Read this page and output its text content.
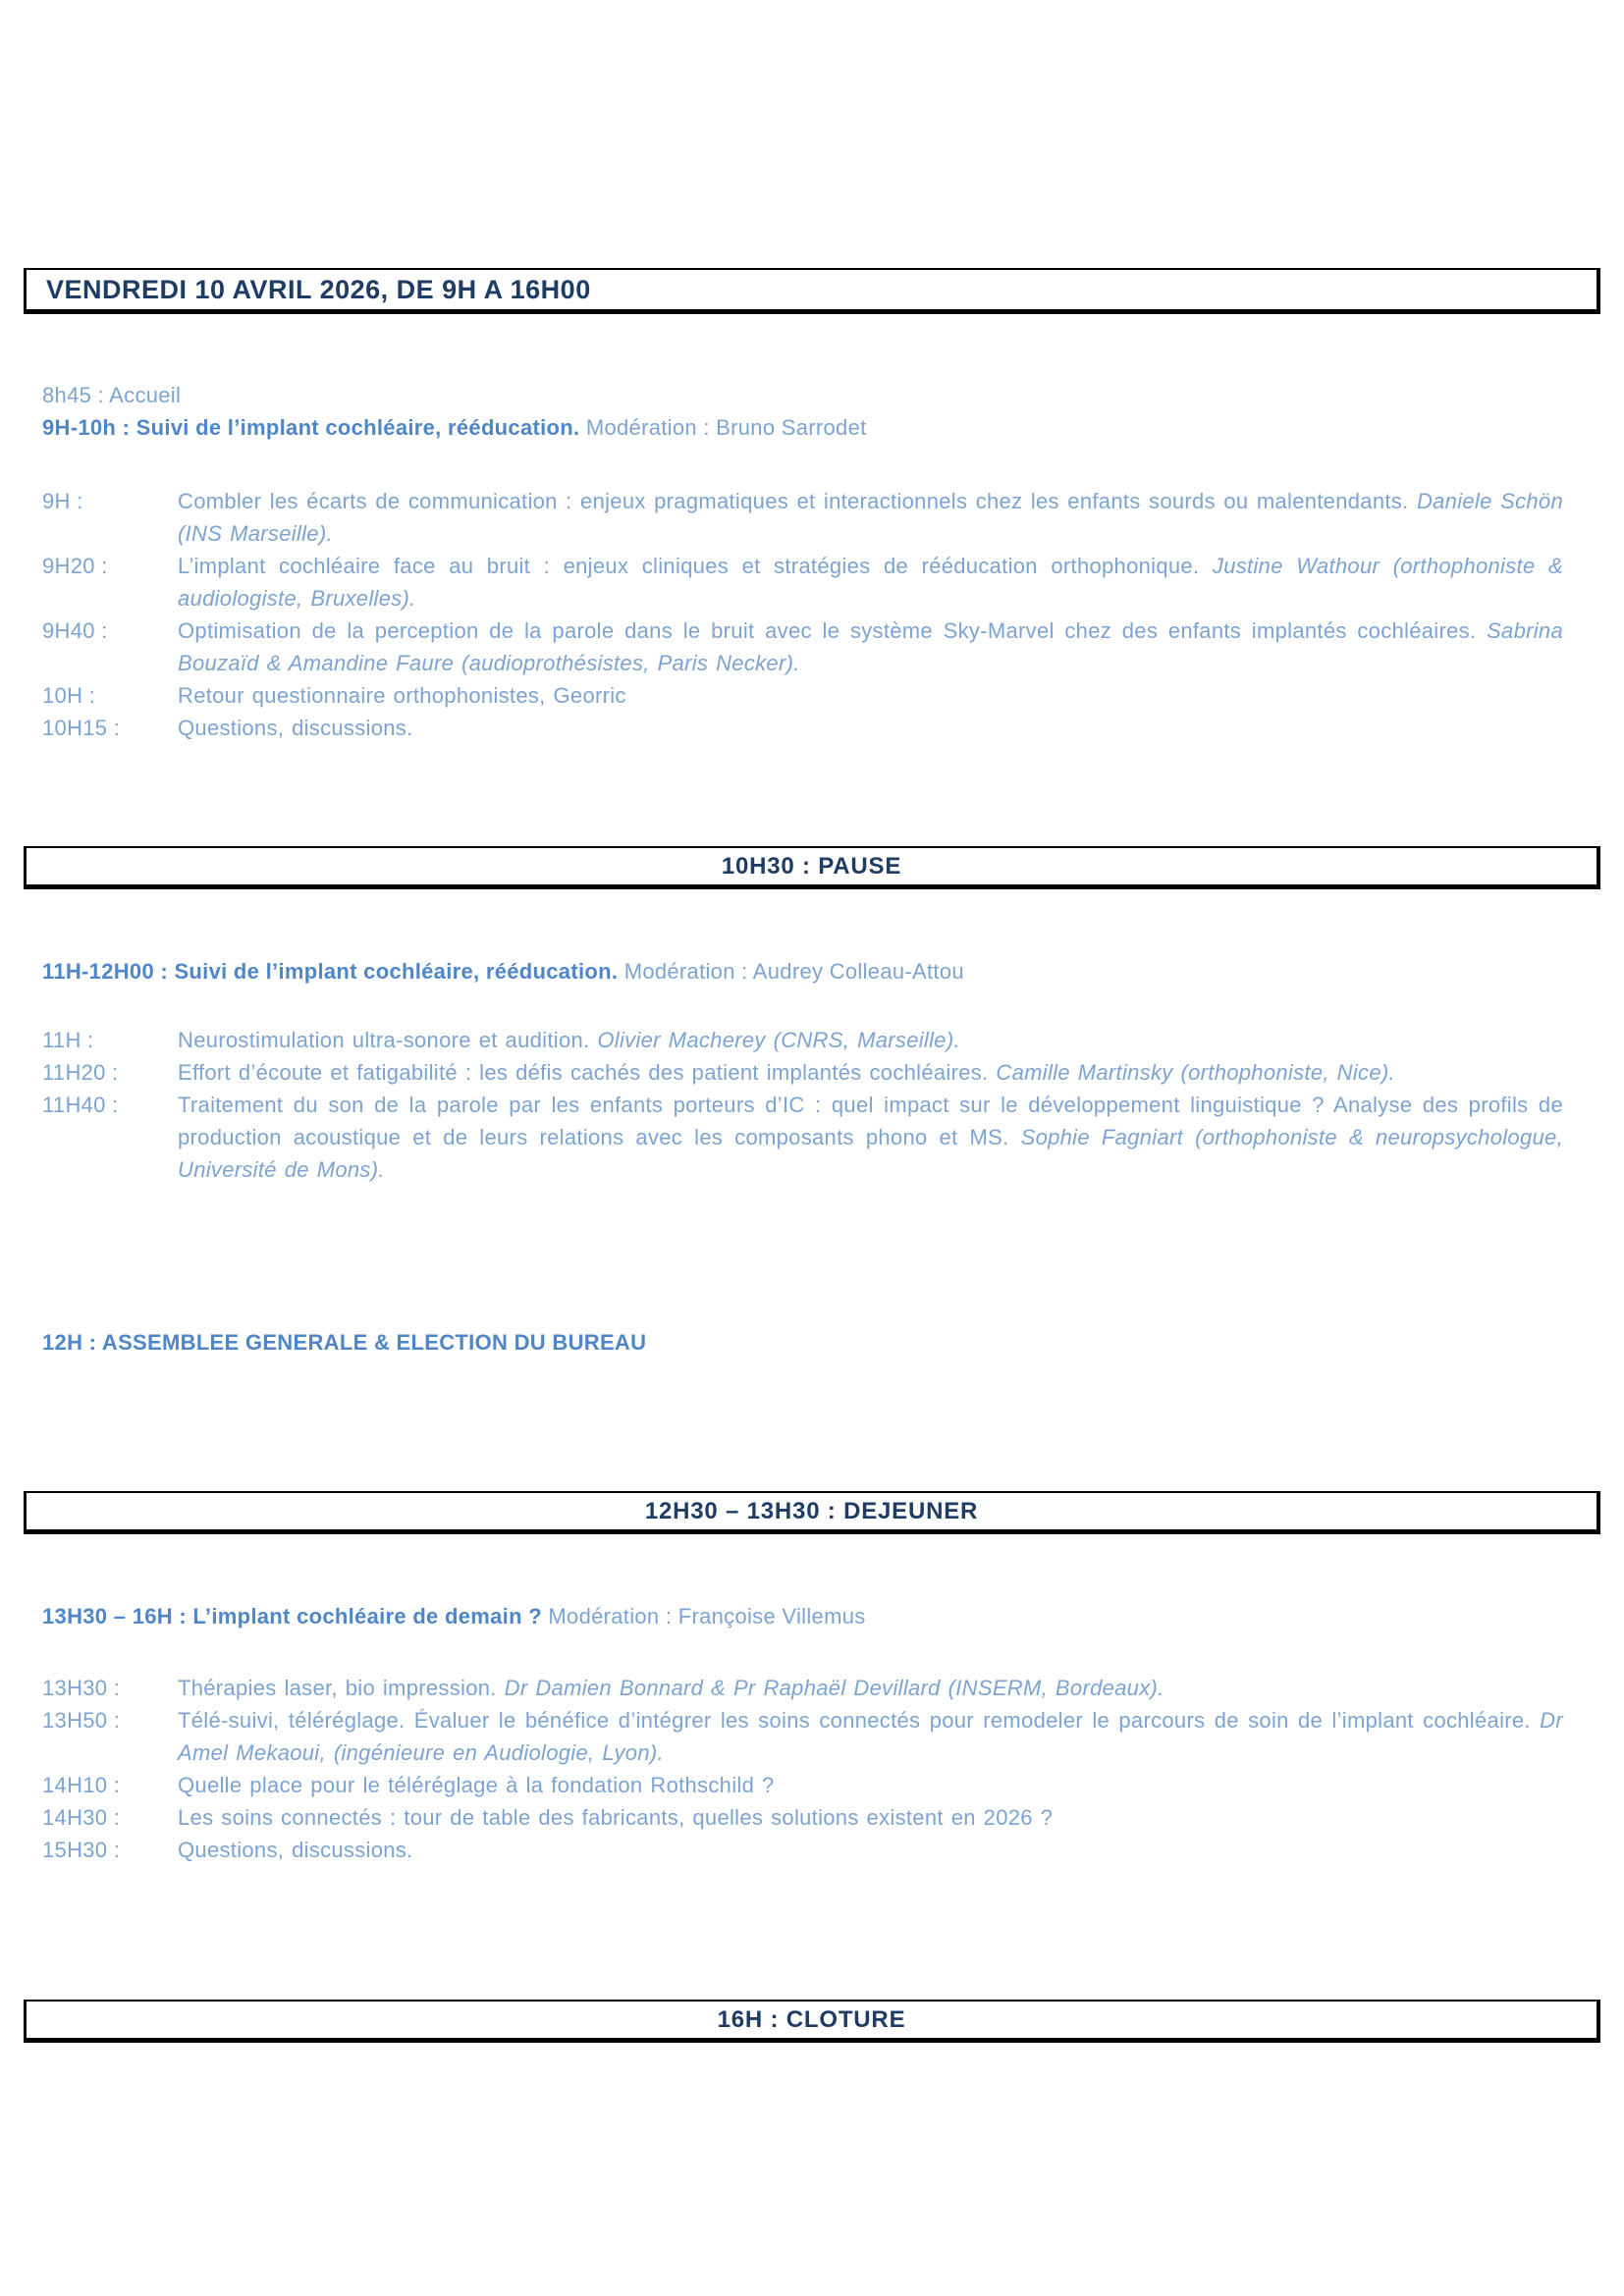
VENDREDI 10 AVRIL 2026, DE 9H A 16H00

8h45 : Accueil

9H-10h : Suivi de l’implant cochléaire, rééducation. Modération : Bruno Sarrodet

9H :	Combler les écarts de communication : enjeux pragmatiques et interactionnels chez les enfants sourds ou malentendants. Daniele Schön (INS Marseille).
9H20 :	L’implant cochléaire face au bruit : enjeux cliniques et stratégies de rééducation orthophonique. Justine Wathour (orthophoniste & audiologiste, Bruxelles).
9H40 :	Optimisation de la perception de la parole dans le bruit avec le système Sky-Marvel chez des enfants implantés cochléaires. Sabrina Bouzaïd & Amandine Faure (audioprothésistes, Paris Necker).
10H :	Retour questionnaire orthophonistes, Georric
10H15 :	Questions, discussions.
10H30 : PAUSE

11H-12H00 : Suivi de l’implant cochléaire, rééducation. Modération : Audrey Colleau-Attou

11H :	Neurostimulation ultra-sonore et audition. Olivier Macherey (CNRS, Marseille).
11H20 :	Effort d’écoute et fatigabilité : les défis cachés des patient implantés cochléaires. Camille Martinsky (orthophoniste, Nice).
11H40 :	Traitement du son de la parole par les enfants porteurs d’IC : quel impact sur le développement linguistique ? Analyse des profils de production acoustique et de leurs relations avec les composants phono et MS. Sophie Fagniart (orthophoniste & neuropsychologue, Université de Mons).

12H : ASSEMBLEE GENERALE & ELECTION DU BUREAU

12H30 – 13H30 : DEJEUNER

13H30 – 16H : L’implant cochléaire de demain ? Modération : Françoise Villemus

13H30 :	Thérapies laser, bio impression. Dr Damien Bonnard & Pr Raphaël Devillard (INSERM, Bordeaux).
13H50 :	Télé-suivi, téléréglage. Évaluer le bénéfice d’intégrer les soins connectés pour remodeler le parcours de soin de l’implant cochléaire. Dr Amel Mekaoui, (ingénieure en Audiologie, Lyon).
14H10 :	Quelle place pour le téléréglage à la fondation Rothschild ?
14H30 :	Les soins connectés : tour de table des fabricants, quelles solutions existent en 2026 ?
15H30 :	Questions, discussions.
16H : CLOTURE
